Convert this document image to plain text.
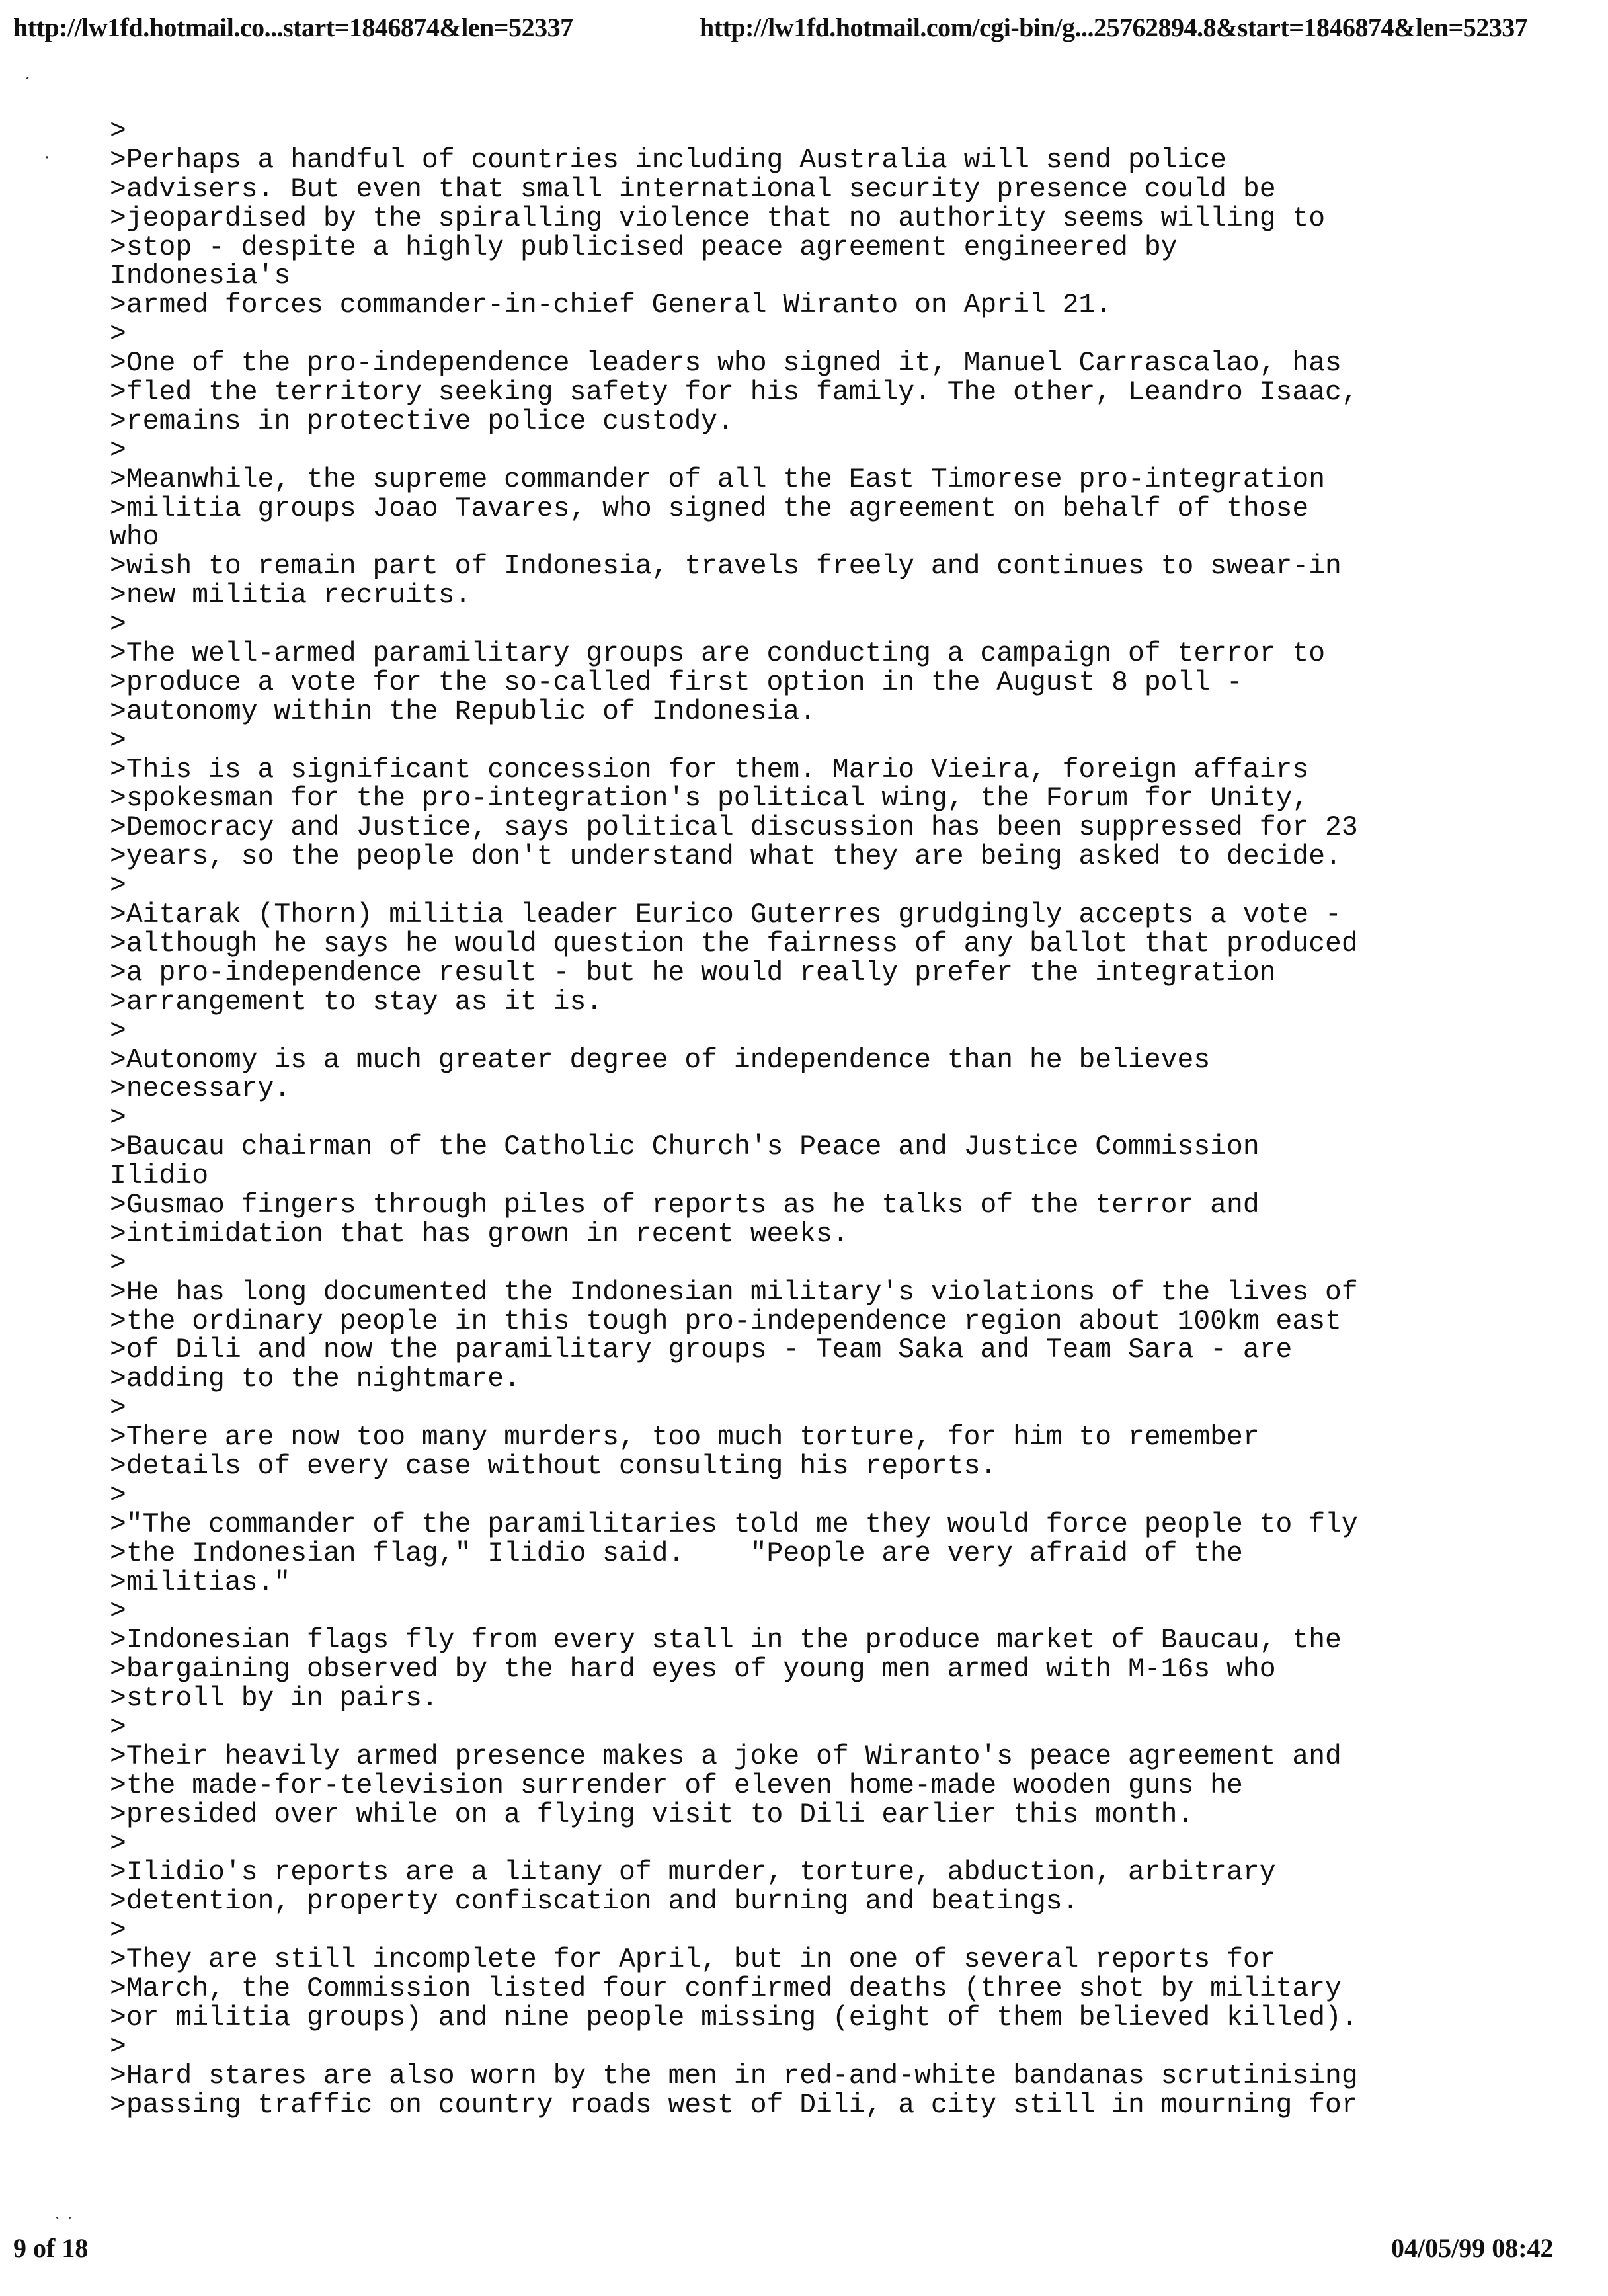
http://lw1fd.hotmail.co...start=1846874&len=52337	http://lw1fd.hotmail.com/cgi-bin/g...25762894.8&start=1846874&len=52337
ˏ
·
>
>Perhaps a handful of countries including Australia will send police
>advisers. But even that small international security presence could be
>jeopardised by the spiralling violence that no authority seems willing to
>stop - despite a highly publicised peace agreement engineered by
Indonesia's
>armed forces commander-in-chief General Wiranto on April 21.
>
>One of the pro-independence leaders who signed it, Manuel Carrascalao, has
>fled the territory seeking safety for his family. The other, Leandro Isaac,
>remains in protective police custody.
>
>Meanwhile, the supreme commander of all the East Timorese pro-integration
>militia groups Joao Tavares, who signed the agreement on behalf of those
who
>wish to remain part of Indonesia, travels freely and continues to swear-in
>new militia recruits.
>
>The well-armed paramilitary groups are conducting a campaign of terror to
>produce a vote for the so-called first option in the August 8 poll -
>autonomy within the Republic of Indonesia.
>
>This is a significant concession for them. Mario Vieira, foreign affairs
>spokesman for the pro-integration's political wing, the Forum for Unity,
>Democracy and Justice, says political discussion has been suppressed for 23
>years, so the people don't understand what they are being asked to decide.
>
>Aitarak (Thorn) militia leader Eurico Guterres grudgingly accepts a vote -
>although he says he would question the fairness of any ballot that produced
>a pro-independence result - but he would really prefer the integration
>arrangement to stay as it is.
>
>Autonomy is a much greater degree of independence than he believes
>necessary.
>
>Baucau chairman of the Catholic Church's Peace and Justice Commission
Ilidio
>Gusmao fingers through piles of reports as he talks of the terror and
>intimidation that has grown in recent weeks.
>
>He has long documented the Indonesian military's violations of the lives of
>the ordinary people in this tough pro-independence region about 100km east
>of Dili and now the paramilitary groups - Team Saka and Team Sara - are
>adding to the nightmare.
>
>There are now too many murders, too much torture, for him to remember
>details of every case without consulting his reports.
>
>"The commander of the paramilitaries told me they would force people to fly
>the Indonesian flag," Ilidio said.    "People are very afraid of the
>militias."
>
>Indonesian flags fly from every stall in the produce market of Baucau, the
>bargaining observed by the hard eyes of young men armed with M-16s who
>stroll by in pairs.
>
>Their heavily armed presence makes a joke of Wiranto's peace agreement and
>the made-for-television surrender of eleven home-made wooden guns he
>presided over while on a flying visit to Dili earlier this month.
>
>Ilidio's reports are a litany of murder, torture, abduction, arbitrary
>detention, property confiscation and burning and beatings.
>
>They are still incomplete for April, but in one of several reports for
>March, the Commission listed four confirmed deaths (three shot by military
>or militia groups) and nine people missing (eight of them believed killed).
>
>Hard stares are also worn by the men in red-and-white bandanas scrutinising
>passing traffic on country roads west of Dili, a city still in mourning for
ˎ ˏ
9 of 18	04/05/99 08:42
